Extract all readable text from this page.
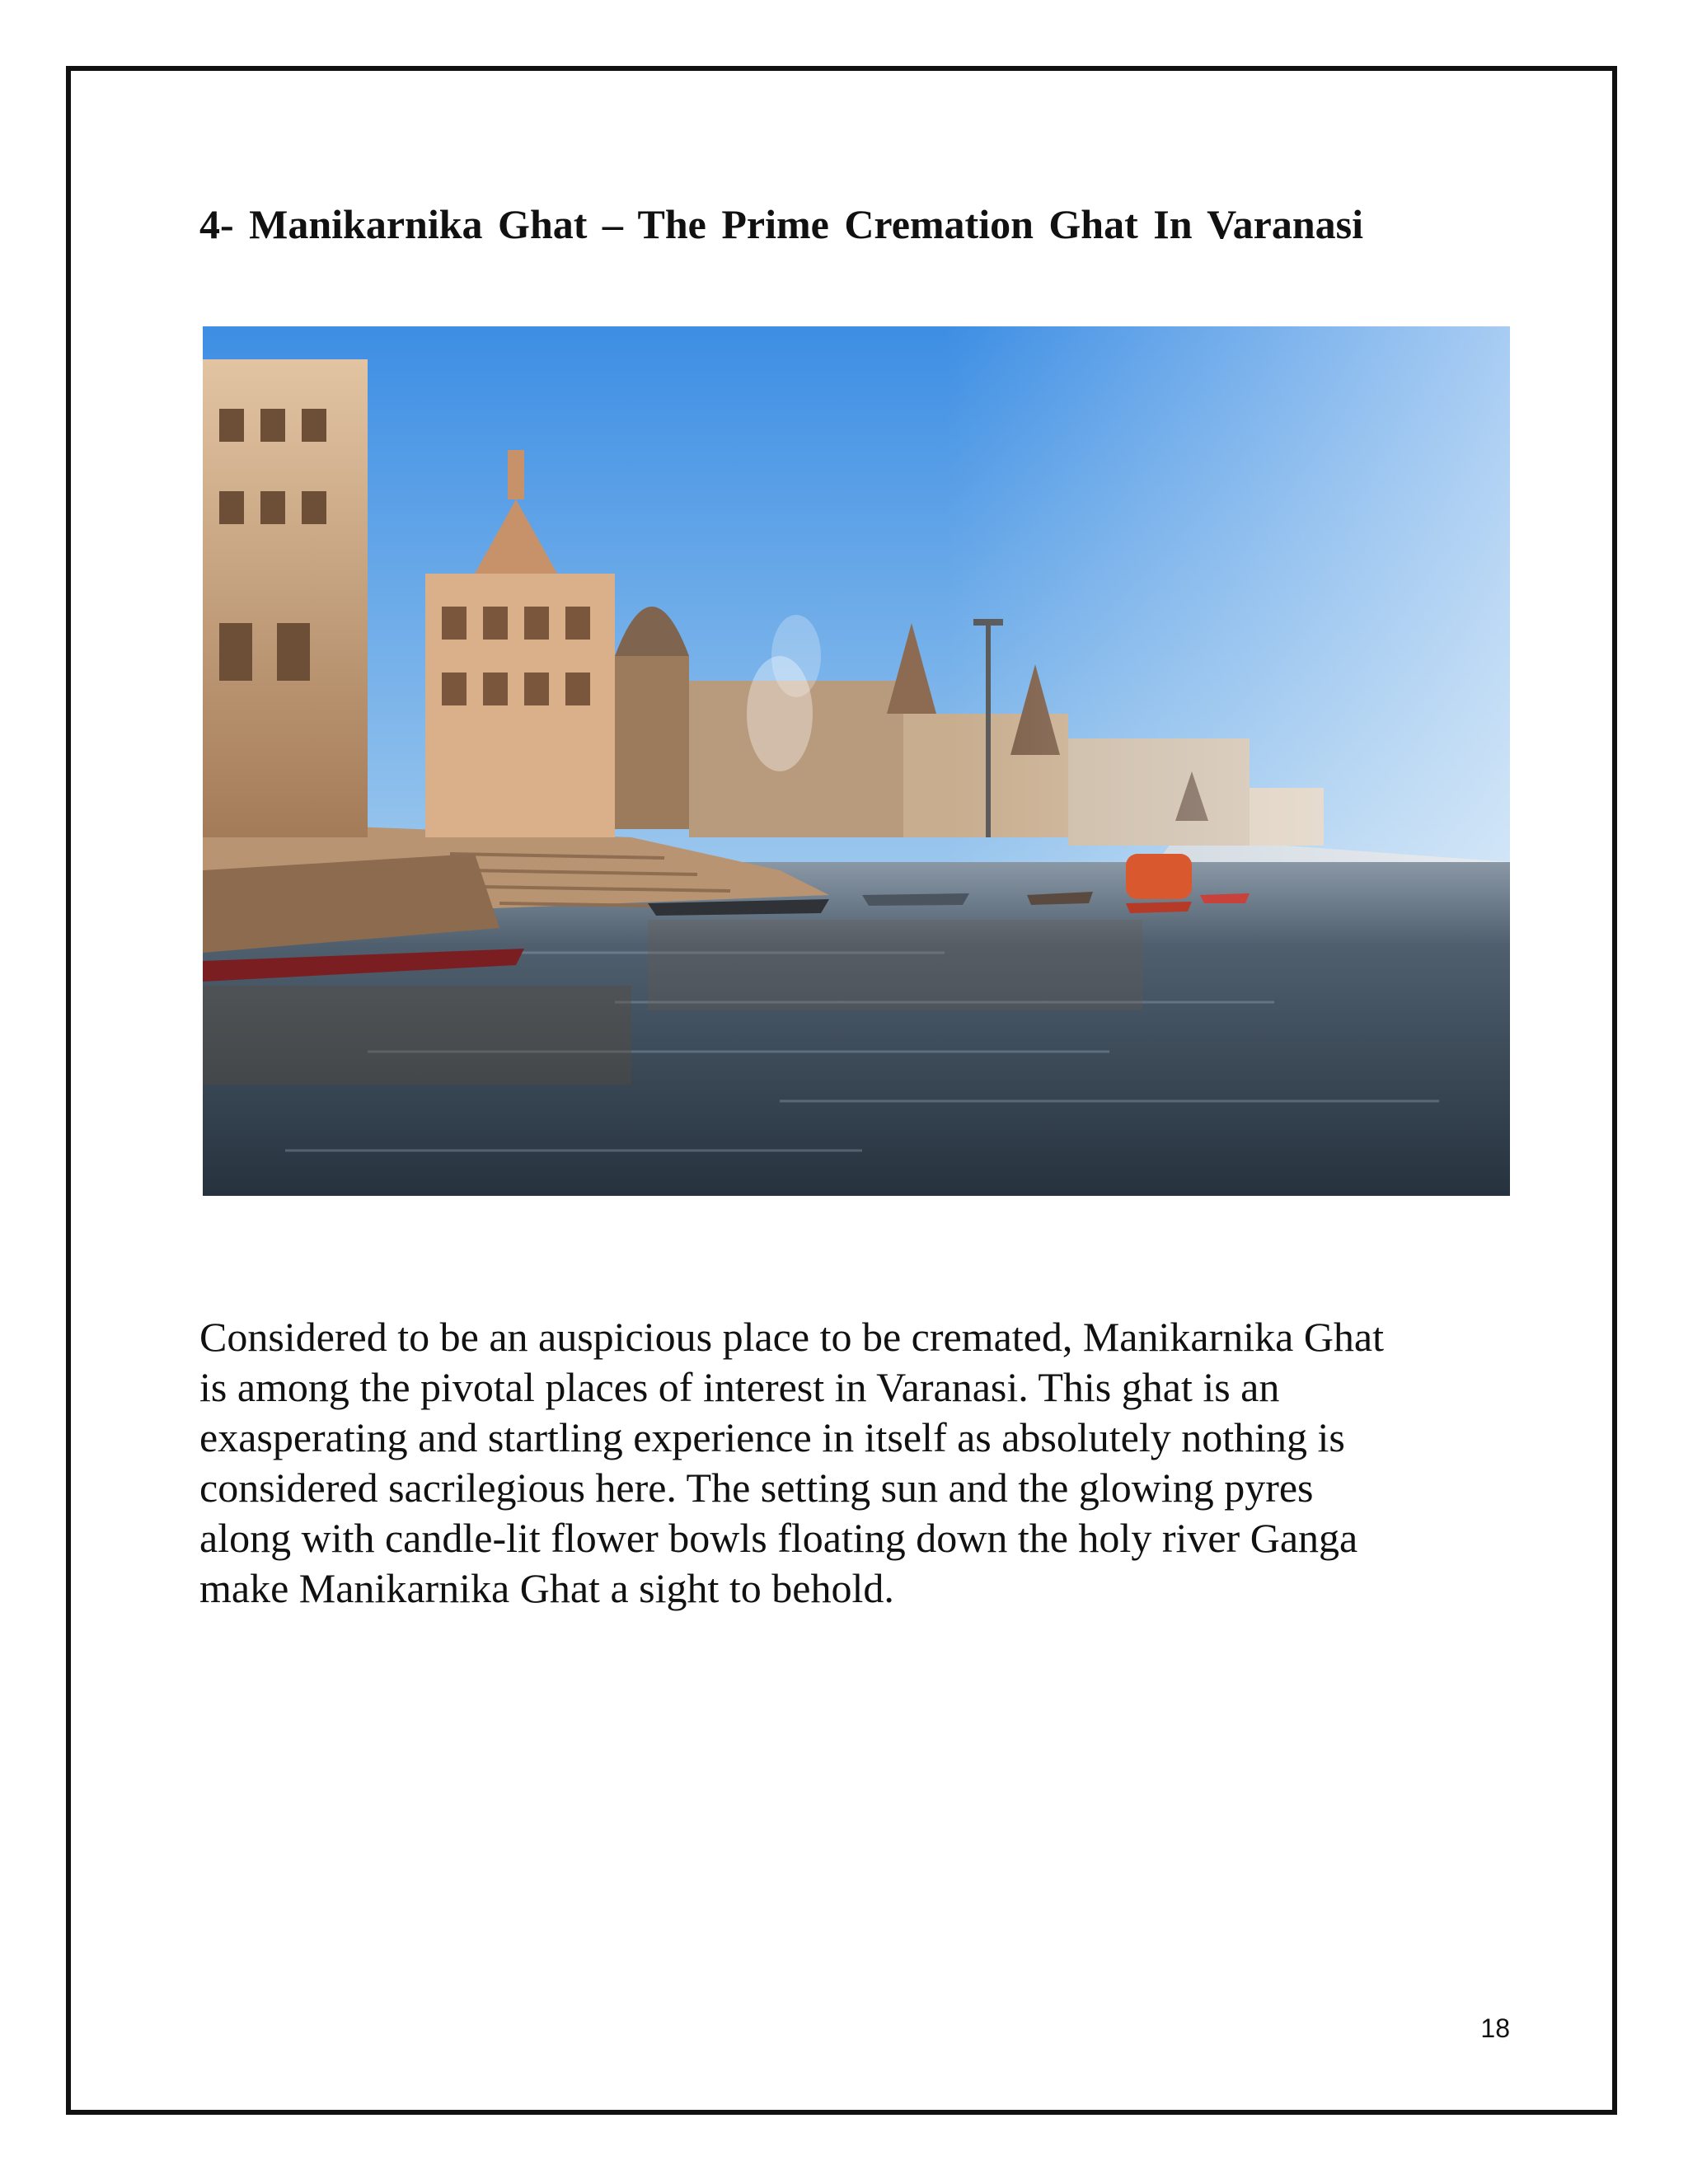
4- Manikarnika Ghat – The Prime Cremation Ghat In Varanasi
Considered to be an auspicious place to be cremated, Manikarnika Ghat
is among the pivotal places of interest in Varanasi. This ghat is an
exasperating and startling experience in itself as absolutely nothing is
considered sacrilegious here. The setting sun and the glowing pyres
along with candle-lit flower bowls floating down the holy river Ganga
make Manikarnika Ghat a sight to behold.
18
